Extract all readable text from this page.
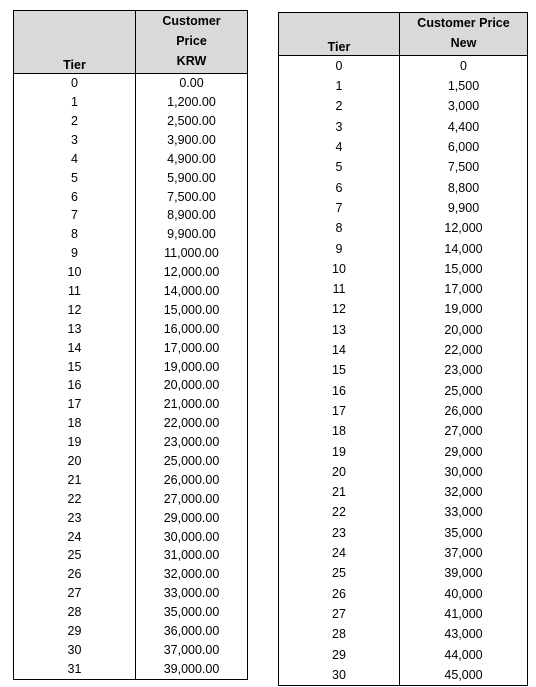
Tier	Customer
Price
KRW

0	0.00
1	1,200.00
2	2,500.00
3	3,900.00
4	4,900.00
5	5,900.00
6	7,500.00
7	8,900.00
8	9,900.00
9	11,000.00
10	12,000.00
11	14,000.00
12	15,000.00
13	16,000.00
14	17,000.00
15	19,000.00
16	20,000.00
17	21,000.00
18	22,000.00
19	23,000.00
20	25,000.00
21	26,000.00
22	27,000.00
23	29,000.00
24	30,000.00
25	31,000.00
26	32,000.00
27	33,000.00
28	35,000.00
29	36,000.00
30	37,000.00
31	39,000.00
Tier	Customer Price
New

0	0
1	1,500
2	3,000
3	4,400
4	6,000
5	7,500
6	8,800
7	9,900
8	12,000
9	14,000
10	15,000
11	17,000
12	19,000
13	20,000
14	22,000
15	23,000
16	25,000
17	26,000
18	27,000
19	29,000
20	30,000
21	32,000
22	33,000
23	35,000
24	37,000
25	39,000
26	40,000
27	41,000
28	43,000
29	44,000
30	45,000
